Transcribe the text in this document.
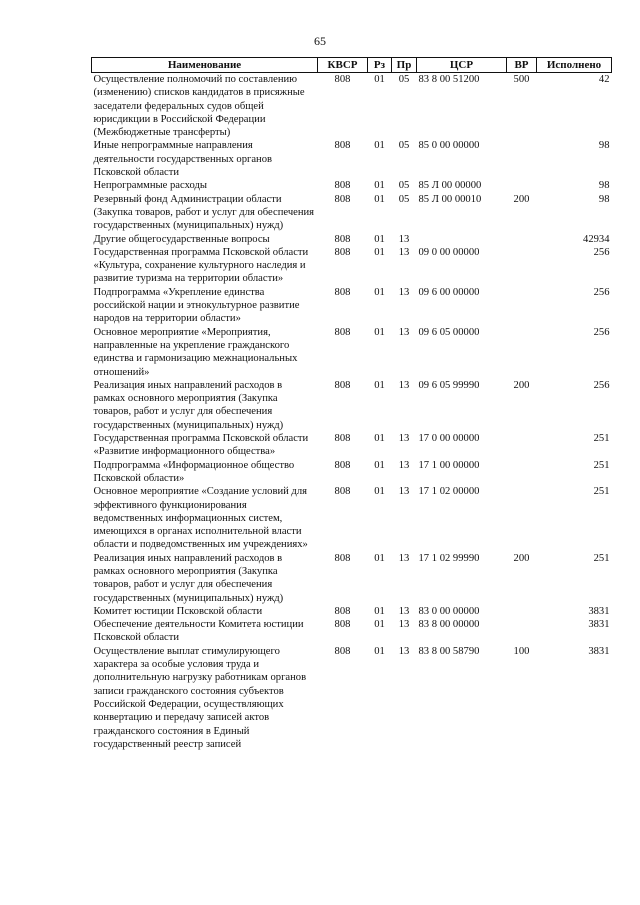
65
Наименование	КВСР	Рз	Пр	ЦСР	ВР	Исполнено
Осуществление полномочий по составлению (изменению) списков кандидатов в присяжные заседатели федеральных судов общей юрисдикции в Российской Федерации (Межбюджетные трансферты)	808	01	05	83 8 00 51200	500	42
Иные непрограммные направления деятельности государственных органов Псковской области	808	01	05	85 0 00 00000		98
Непрограммные расходы	808	01	05	85 Л 00 00000		98
Резервный фонд Администрации области (Закупка товаров, работ и услуг для обеспечения государственных (муниципальных) нужд)	808	01	05	85 Л 00 00010	200	98
Другие общегосударственные вопросы	808	01	13			42934
Государственная программа Псковской области «Культура, сохранение культурного наследия и развитие туризма на территории области»	808	01	13	09 0 00 00000		256
Подпрограмма «Укрепление единства российской нации и этнокультурное развитие народов на территории области»	808	01	13	09 6 00 00000		256
Основное мероприятие «Мероприятия, направленные на укрепление гражданского единства и гармонизацию межнациональных отношений»	808	01	13	09 6 05 00000		256
Реализация иных направлений расходов в рамках основного мероприятия (Закупка товаров, работ и услуг для обеспечения государственных (муниципальных) нужд)	808	01	13	09 6 05 99990	200	256
Государственная программа Псковской области «Развитие информационного общества»	808	01	13	17 0 00 00000		251
Подпрограмма «Информационное общество Псковской области»	808	01	13	17 1 00 00000		251
Основное мероприятие «Создание условий для эффективного функционирования ведомственных информационных систем, имеющихся в органах исполнительной власти области и подведомственных им учреждениях»	808	01	13	17 1 02 00000		251
Реализация иных направлений расходов в рамках основного мероприятия (Закупка товаров, работ и услуг для обеспечения государственных (муниципальных) нужд)	808	01	13	17 1 02 99990	200	251
Комитет юстиции Псковской области	808	01	13	83 0 00 00000		3831
Обеспечение деятельности Комитета юстиции Псковской области	808	01	13	83 8 00 00000		3831
Осуществление выплат стимулирующего характера за особые условия труда и дополнительную нагрузку работникам органов записи гражданского состояния субъектов Российской Федерации, осуществляющих конвертацию и передачу записей актов гражданского состояния в Единый государственный реестр записей	808	01	13	83 8 00 58790	100	3831
